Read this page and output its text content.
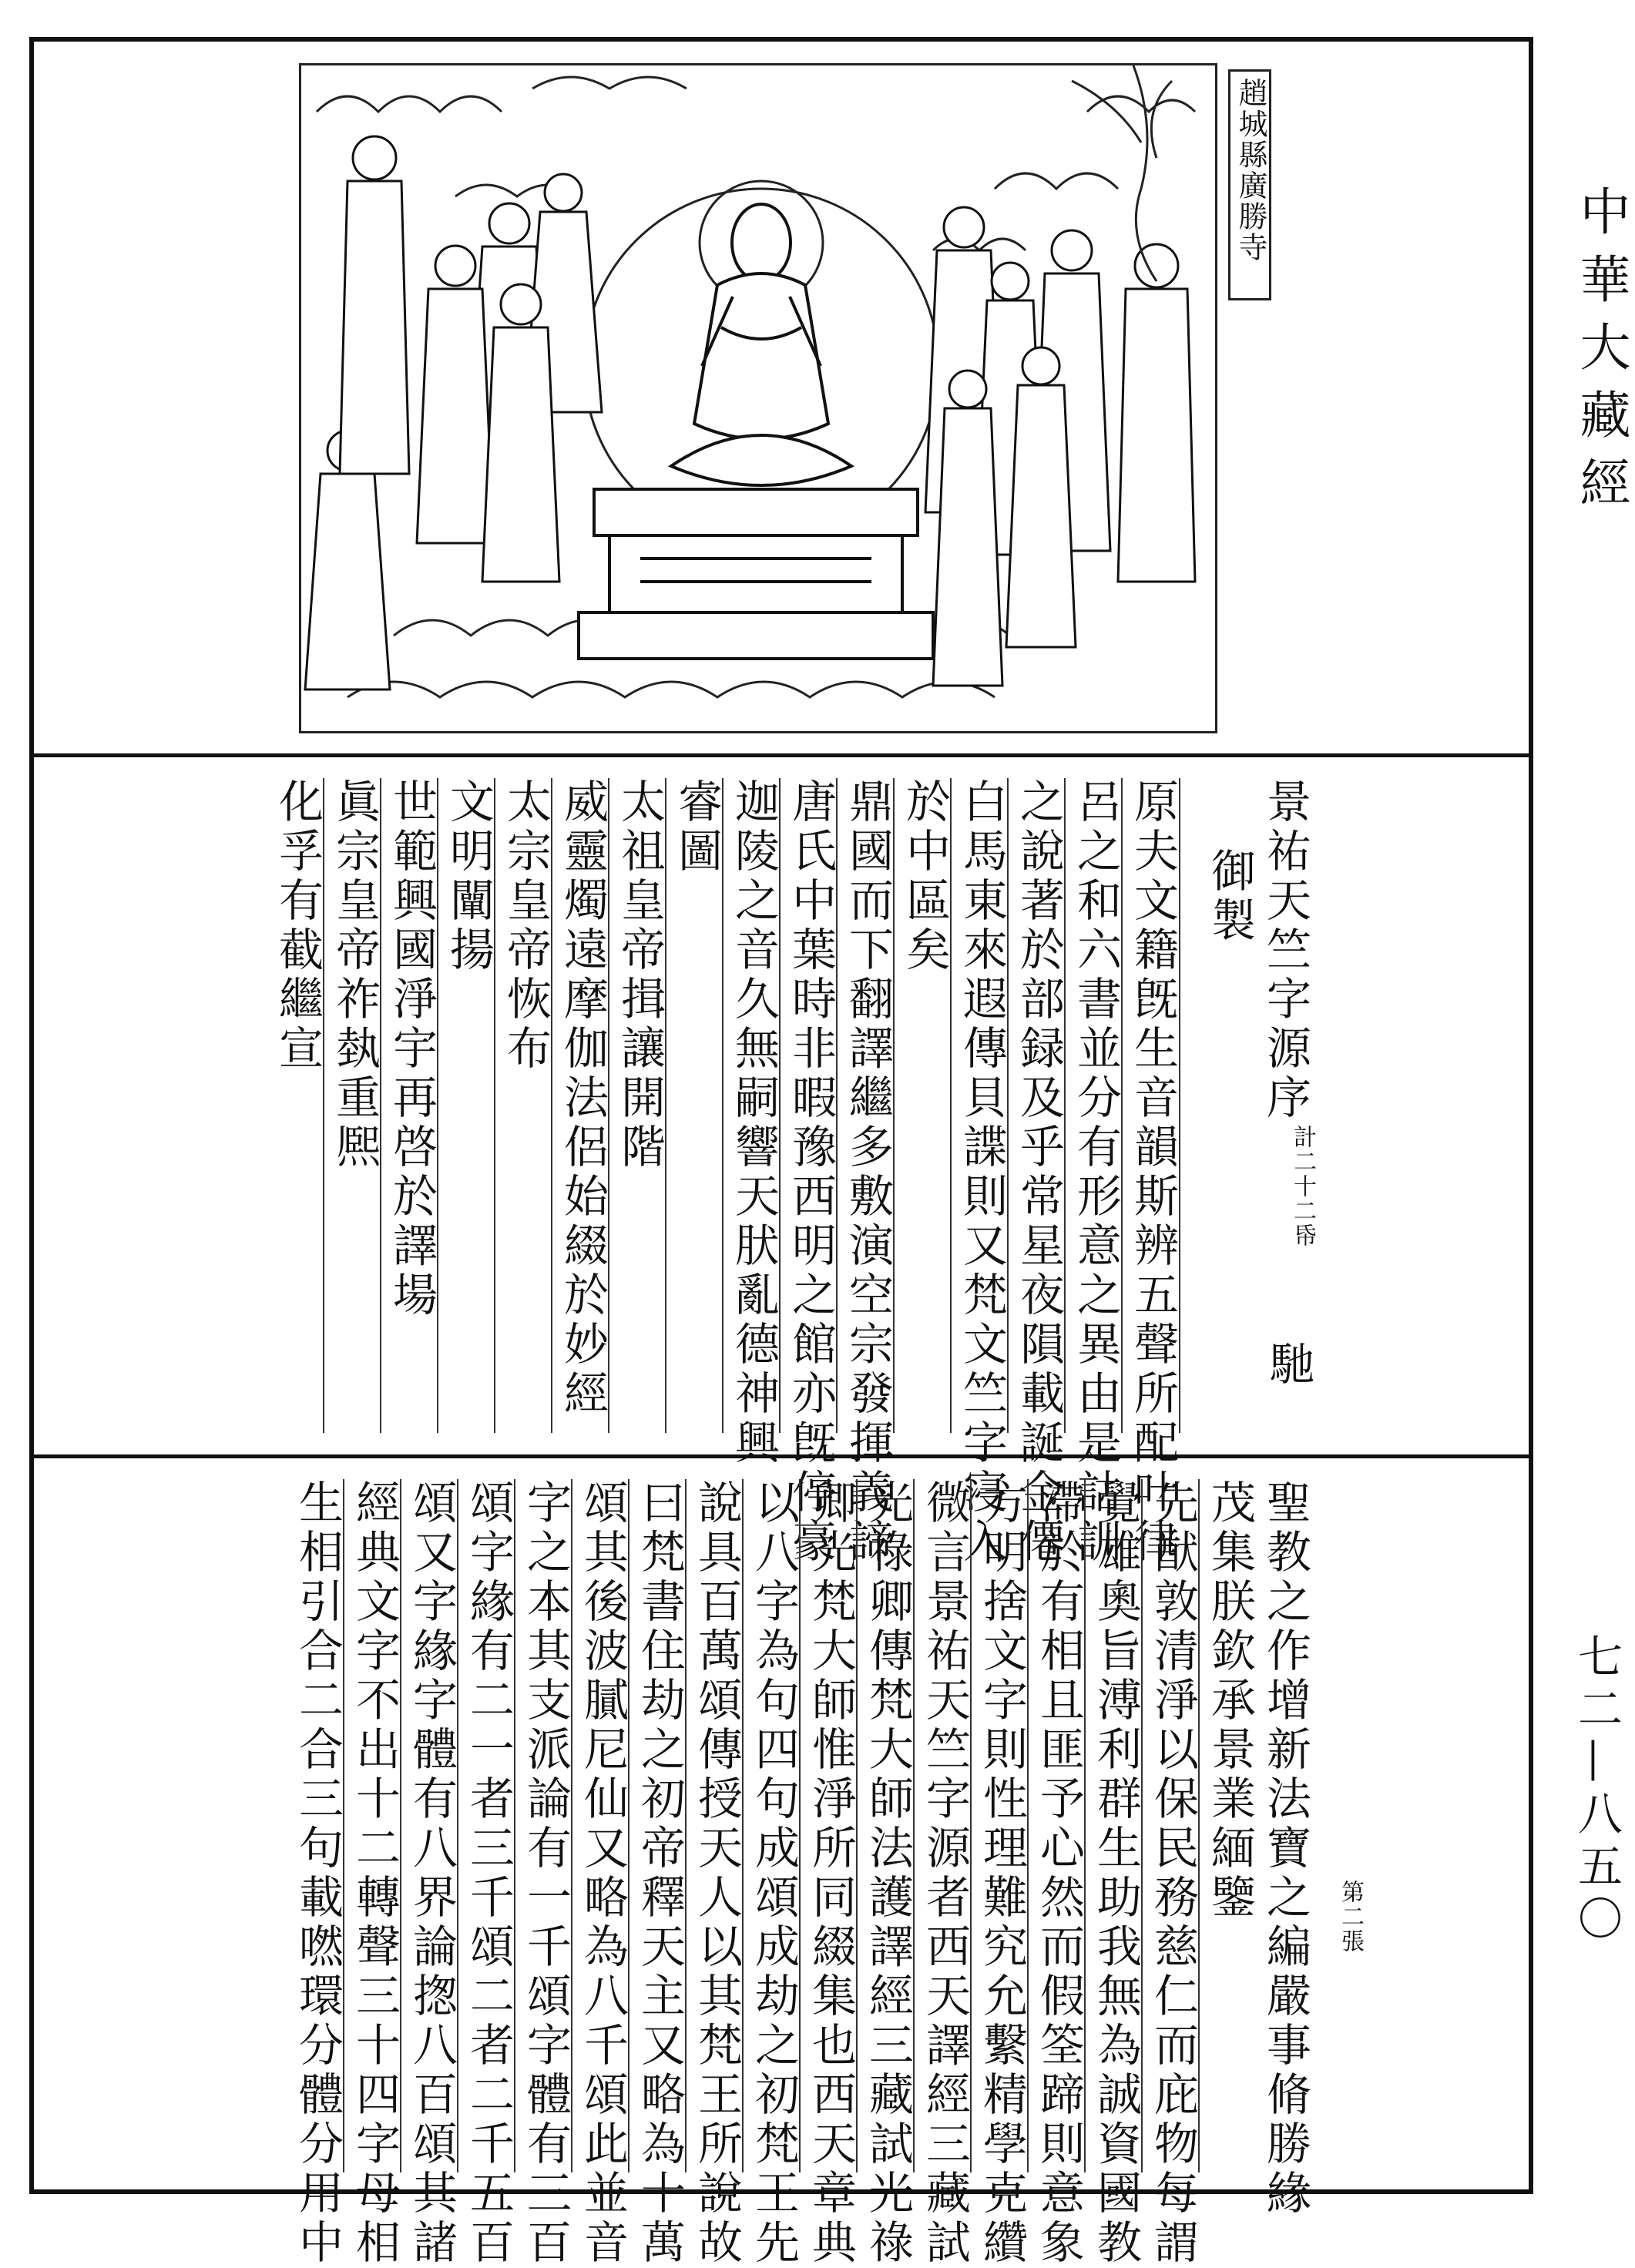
趙城縣廣勝寺
中華大藏經
七二—八五〇
景祐天竺字源序
御製
計二十二帋
馳
原夫文籍旣生音韻斯辨五聲所配叶律
呂之和六書並分有形意之異由是詁訓
之說著於部録及乎常星夜隕載誕金僊
白馬東來遐傳貝諜則又梵文竺字寖入
於中區矣
鼎國而下翻譯繼多敷演空宗發揮義諦
唐氏中葉時非暇豫西明之館亦旣停豪
迦陵之音久無嗣響天肰亂德神興
睿圖
太祖皇帝揖讓開階
威靈燭遠摩伽法侶始綴於妙經
太宗皇帝恢布
文明闡揚
世範興國淨宇再啓於譯場
眞宗皇帝祚埶重熈
化孚有截繼宣
聖教之作增新法寶之編嚴事脩勝緣
茂集朕欽承景業緬鑒	第二張
先猷敦清淨以保民務慈仁而庇物每謂
覺雄奧旨溥利群生助我無為誠資國教
滯於有相且匪予心然而假筌蹄則意象
方明捨文字則性理難究允繫精學克纘
微言景祐天竺字源者西天譯經三藏試
光祿卿傳梵大師法護譯經三藏試光祿
卿光梵大師惟淨所同綴集也西天章典
以八字為句四句成頌成劫之初梵王先
說具百萬頌傳授天人以其梵王所說故
曰梵書住劫之初帝釋天主又略為十萬
頌其後波膩尼仙又略為八千頌此並音
字之本其支派論有一千頌字體有三百
頌字緣有二一者三千頌二者二千五百
頌又字緣字體有八界論揔八百頌其諸
經典文字不出十二轉聲三十四字母相
生相引合二合三句載嘫環分體分用中
